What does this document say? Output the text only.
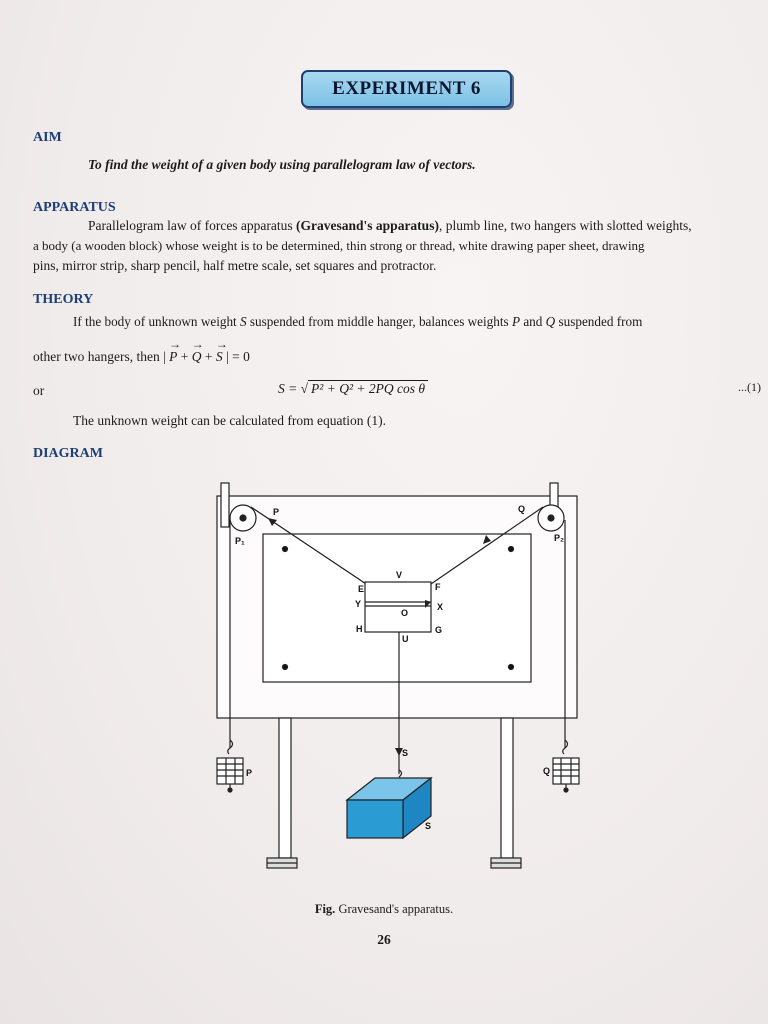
EXPERIMENT 6
AIM
To find the weight of a given body using parallelogram law of vectors.
APPARATUS
Parallelogram law of forces apparatus (Gravesand's apparatus), plumb line, two hangers with slotted weights,
a body (a wooden block) whose weight is to be determined, thin strong or thread, white drawing paper sheet, drawing
pins, mirror strip, sharp pencil, half metre scale, set squares and protractor.
THEORY
If the body of unknown weight S suspended from middle hanger, balances weights P and Q suspended from
other two hangers, then | → P + → Q + → S | = 0
or	S = √ P² + Q² + 2PQ cos θ	...(1)
The unknown weight can be calculated from equation (1).
DIAGRAM
P	Q
P₁	P₂
E	F
V
Y	X
O
H	G
U
S
P	Q
S
Fig. Gravesand's apparatus.
26
